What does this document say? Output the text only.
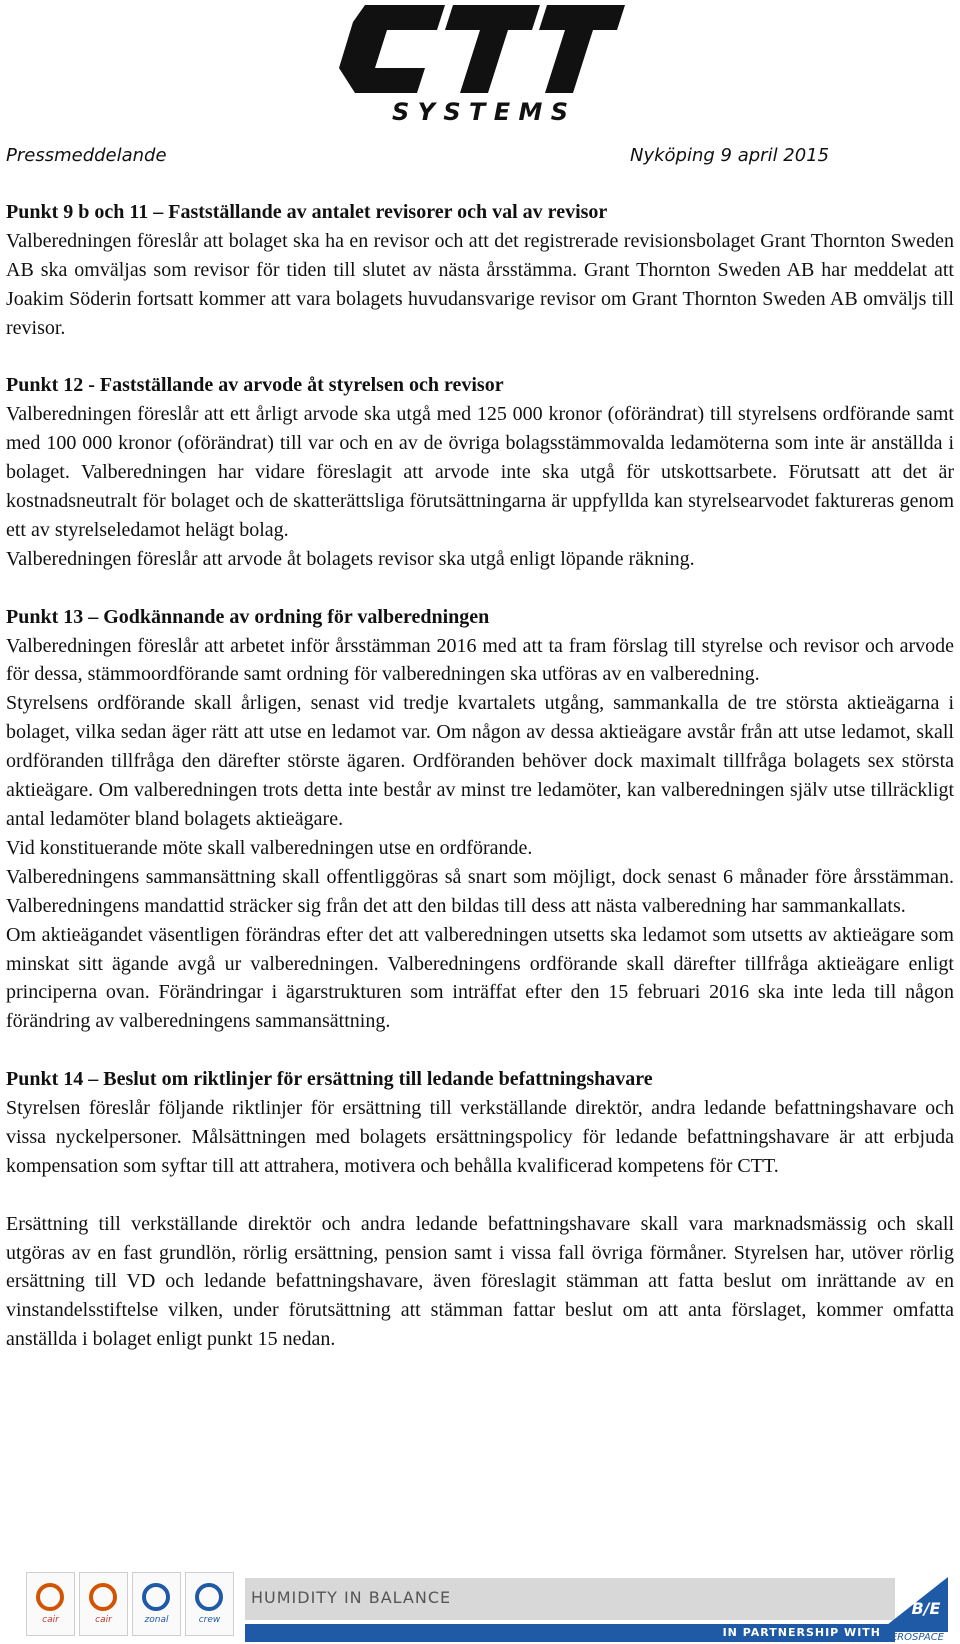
S Y S T E M S
Pressmeddelande	Nyköping 9 april 2015
Punkt 9 b och 11 – Fastställande av antalet revisorer och val av revisor

Valberedningen föreslår att bolaget ska ha en revisor och att det registrerade revisionsbolaget Grant Thornton Sweden AB ska omväljas som revisor för tiden till slutet av nästa årsstämma. Grant Thornton Sweden AB har meddelat att Joakim Söderin fortsatt kommer att vara bolagets huvudansvarige revisor om Grant Thornton Sweden AB omväljs till revisor.

Punkt 12 - Fastställande av arvode åt styrelsen och revisor

Valberedningen föreslår att ett årligt arvode ska utgå med 125 000 kronor (oförändrat) till styrelsens ordförande samt med 100 000 kronor (oförändrat) till var och en av de övriga bolagsstämmovalda ledamöterna som inte är anställda i bolaget. Valberedningen har vidare föreslagit att arvode inte ska utgå för utskottsarbete. Förutsatt att det är kostnadsneutralt för bolaget och de skatterättsliga förutsättningarna är uppfyllda kan styrelsearvodet faktureras genom ett av styrelseledamot helägt bolag.

Valberedningen föreslår att arvode åt bolagets revisor ska utgå enligt löpande räkning.

Punkt 13 – Godkännande av ordning för valberedningen

Valberedningen föreslår att arbetet inför årsstämman 2016 med att ta fram förslag till styrelse och revisor och arvode för dessa, stämmoordförande samt ordning för valberedningen ska utföras av en valberedning.

Styrelsens ordförande skall årligen, senast vid tredje kvartalets utgång, sammankalla de tre största aktieägarna i bolaget, vilka sedan äger rätt att utse en ledamot var. Om någon av dessa aktieägare avstår från att utse ledamot, skall ordföranden tillfråga den därefter störste ägaren. Ordföranden behöver dock maximalt tillfråga bolagets sex största aktieägare. Om valberedningen trots detta inte består av minst tre ledamöter, kan valberedningen själv utse tillräckligt antal ledamöter bland bolagets aktieägare.

Vid konstituerande möte skall valberedningen utse en ordförande.

Valberedningens sammansättning skall offentliggöras så snart som möjligt, dock senast 6 månader före årsstämman. Valberedningens mandattid sträcker sig från det att den bildas till dess att nästa valberedning har sammankallats.

Om aktieägandet väsentligen förändras efter det att valberedningen utsetts ska ledamot som utsetts av aktieägare som minskat sitt ägande avgå ur valberedningen. Valberedningens ordförande skall därefter tillfråga aktieägare enligt principerna ovan. Förändringar i ägarstrukturen som inträffat efter den 15 februari 2016 ska inte leda till någon förändring av valberedningens sammansättning.

Punkt 14 – Beslut om riktlinjer för ersättning till ledande befattningshavare

Styrelsen föreslår följande riktlinjer för ersättning till verkställande direktör, andra ledande befattningshavare och vissa nyckelpersoner. Målsättningen med bolagets ersättningspolicy för ledande befattningshavare är att erbjuda kompensation som syftar till att attrahera, motivera och behålla kvalificerad kompetens för CTT.

Ersättning till verkställande direktör och andra ledande befattningshavare skall vara marknadsmässig och skall utgöras av en fast grundlön, rörlig ersättning, pension samt i vissa fall övriga förmåner. Styrelsen har, utöver rörlig ersättning till VD och ledande befattningshavare, även föreslagit stämman att fatta beslut om inrättande av en vinstandelsstiftelse vilken, under förutsättning att stämman fattar beslut om att anta förslaget, kommer omfatta anställda i bolaget enligt punkt 15 nedan.

cair	cair	zonal	crew
HUMIDITY IN BALANCE
IN PARTNERSHIP WITH
B/E
AEROSPACE
